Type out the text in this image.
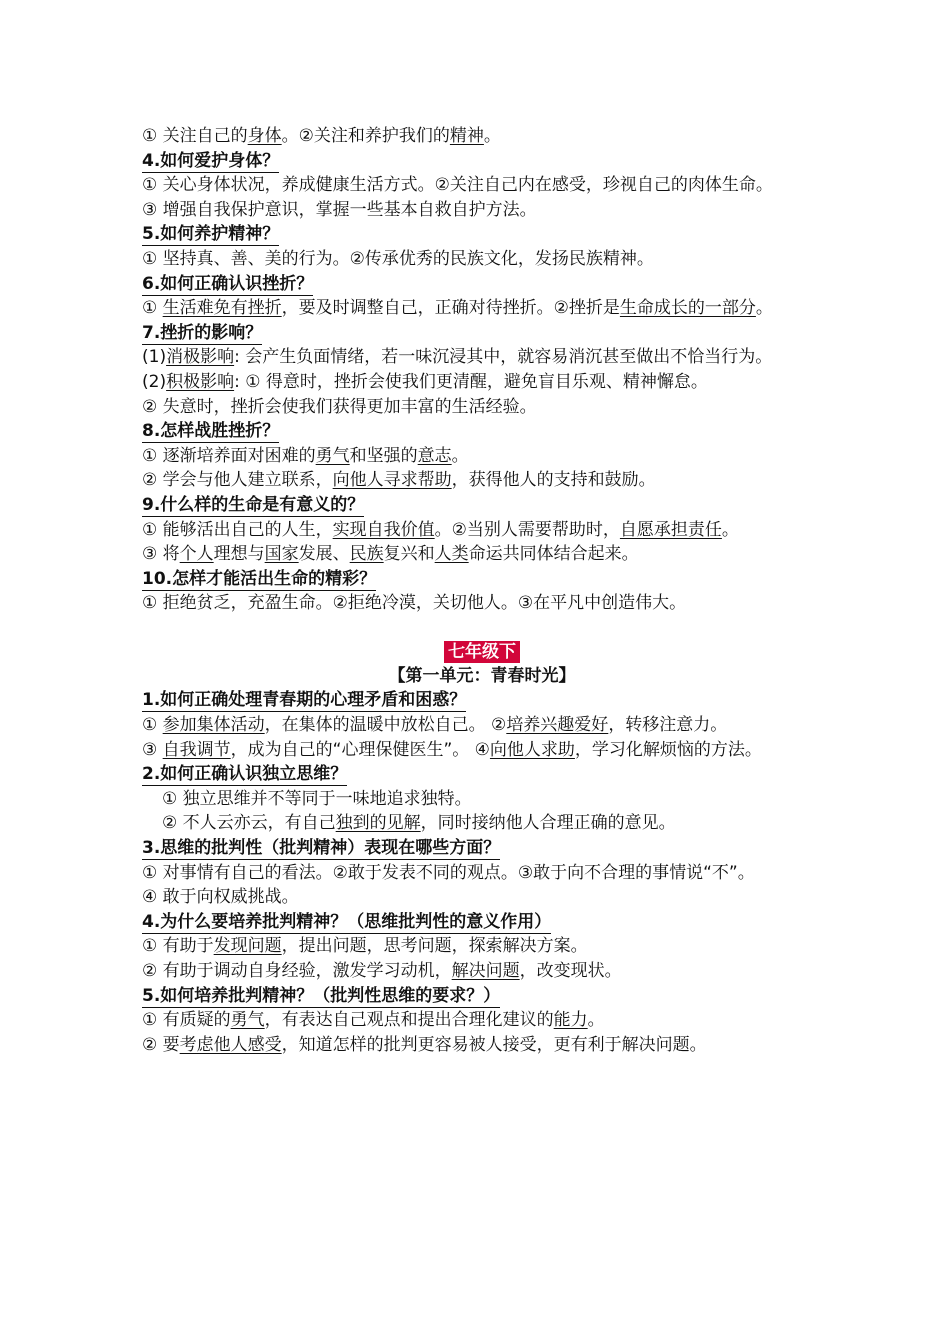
① 关注自己的身体。②关注和养护我们的精神。
4.如何爱护身体？
① 关心身体状况，养成健康生活方式。②关注自己内在感受，珍视自己的肉体生命。
③ 增强自我保护意识，掌握一些基本自救自护方法。
5.如何养护精神？
① 坚持真、善、美的行为。②传承优秀的民族文化，发扬民族精神。
6.如何正确认识挫折？
① 生活难免有挫折，要及时调整自己，正确对待挫折。②挫折是生命成长的一部分。
7.挫折的影响？
(1)消极影响: 会产生负面情绪，若一味沉浸其中，就容易消沉甚至做出不恰当行为。
(2)积极影响: ① 得意时，挫折会使我们更清醒，避免盲目乐观、精神懈怠。
② 失意时，挫折会使我们获得更加丰富的生活经验。
8.怎样战胜挫折？
① 逐渐培养面对困难的勇气和坚强的意志。
② 学会与他人建立联系，向他人寻求帮助，获得他人的支持和鼓励。
9.什么样的生命是有意义的？
① 能够活出自己的人生，实现自我价值。②当别人需要帮助时，自愿承担责任。
③ 将个人理想与国家发展、民族复兴和人类命运共同体结合起来。
10.怎样才能活出生命的精彩？
① 拒绝贫乏，充盈生命。②拒绝冷漠，关切他人。③在平凡中创造伟大。
七年级下
【第一单元：青春时光】
1.如何正确处理青春期的心理矛盾和困惑？
① 参加集体活动，在集体的温暖中放松自己。 ②培养兴趣爱好，转移注意力。
③ 自我调节，成为自己的“心理保健医生”。 ④向他人求助，学习化解烦恼的方法。
2.如何正确认识独立思维？
① 独立思维并不等同于一味地追求独特。
② 不人云亦云，有自己独到的见解，同时接纳他人合理正确的意见。
3.思维的批判性（批判精神）表现在哪些方面？
① 对事情有自己的看法。②敢于发表不同的观点。③敢于向不合理的事情说“不”。
④ 敢于向权威挑战。
4.为什么要培养批判精神？（思维批判性的意义作用）
① 有助于发现问题，提出问题，思考问题，探索解决方案。
② 有助于调动自身经验，激发学习动机，解决问题，改变现状。
5.如何培养批判精神？（批判性思维的要求？）
① 有质疑的勇气，有表达自己观点和提出合理化建议的能力。
② 要考虑他人感受，知道怎样的批判更容易被人接受，更有利于解决问题。
